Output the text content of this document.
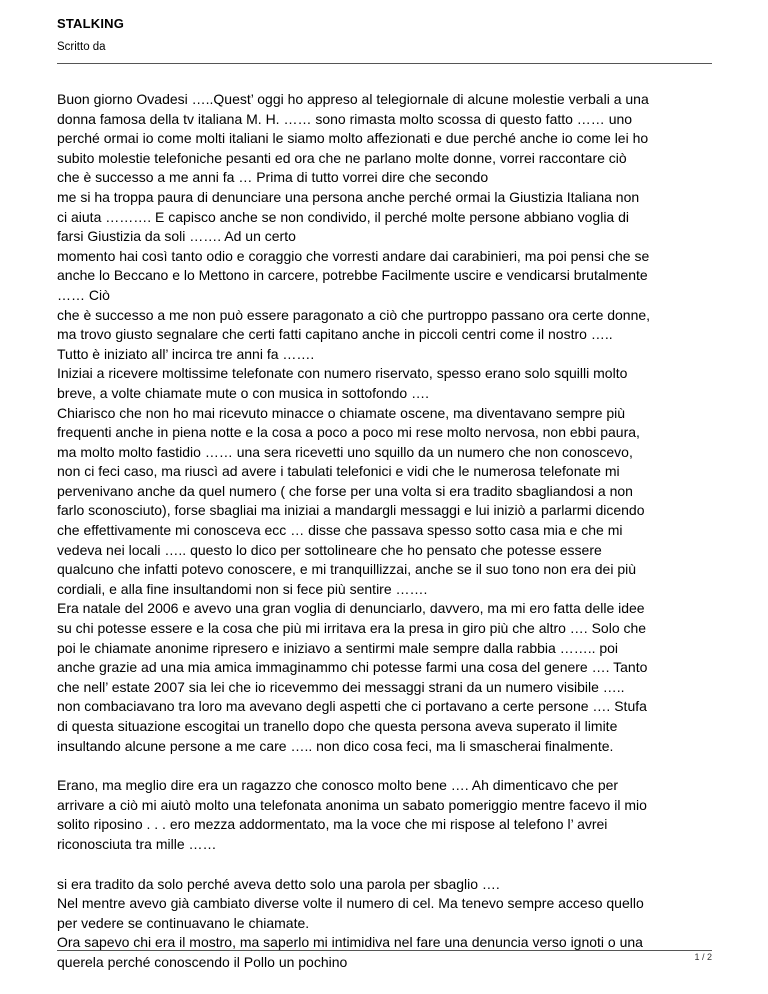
STALKING
Scritto da
Buon giorno Ovadesi …..Quest’ oggi ho appreso al telegiornale di alcune molestie verbali a una
donna famosa della tv italiana M. H. …… sono rimasta molto scossa di questo fatto …… uno
perché ormai io come molti italiani le siamo molto affezionati e due perché anche io come lei ho
subito molestie telefoniche pesanti ed ora che ne parlano molte donne, vorrei raccontare ciò
che è successo a me anni fa … Prima di tutto vorrei dire che secondo
me si ha troppa paura di denunciare una persona anche perché ormai la Giustizia Italiana non
ci aiuta ………. E capisco anche se non condivido, il perché molte persone abbiano voglia di
farsi Giustizia da soli ……. Ad un certo
momento hai così tanto odio e coraggio che vorresti andare dai carabinieri, ma poi pensi che se
anche lo Beccano e lo Mettono in carcere, potrebbe Facilmente uscire e vendicarsi brutalmente
…… Ciò
che è successo a me non può essere paragonato a ciò che purtroppo passano ora certe donne,
ma trovo giusto segnalare che certi fatti capitano anche in piccoli centri come il nostro …..
Tutto è iniziato all’ incirca tre anni fa …….
Iniziai a ricevere moltissime telefonate con numero riservato, spesso erano solo squilli molto
breve, a volte chiamate mute o con musica in sottofondo ….
Chiarisco che non ho mai ricevuto minacce o chiamate oscene, ma diventavano sempre più
frequenti anche in piena notte e la cosa a poco a poco mi rese molto nervosa, non ebbi paura,
ma molto molto fastidio …… una sera ricevetti uno squillo da un numero che non conoscevo,
non ci feci caso, ma riuscì ad avere i tabulati telefonici e vidi che le numerosa telefonate mi
pervenivano anche da quel numero ( che forse per una volta si era tradito sbagliandosi a non
farlo sconosciuto), forse sbagliai ma iniziai a mandargli messaggi e lui iniziò a parlarmi dicendo
che effettivamente mi conosceva ecc … disse che passava spesso sotto casa mia e che mi
vedeva nei locali ….. questo lo dico per sottolineare che ho pensato che potesse essere
qualcuno che infatti potevo conoscere, e mi tranquillizzai, anche se il suo tono non era dei più
cordiali, e alla fine insultandomi non si fece più sentire …….
Era natale del 2006 e avevo una gran voglia di denunciarlo, davvero, ma mi ero fatta delle idee
su chi potesse essere e la cosa che più mi irritava era la presa in giro più che altro …. Solo che
poi le chiamate anonime ripresero e iniziavo a sentirmi male sempre dalla rabbia …….. poi
anche grazie ad una mia amica immaginammo chi potesse farmi una cosa del genere …. Tanto
che nell’ estate 2007 sia lei che io ricevemmo dei messaggi strani da un numero visibile …..
non combaciavano tra loro ma avevano degli aspetti che ci portavano a certe persone …. Stufa
di questa situazione escogitai un tranello dopo che questa persona aveva superato il limite
insultando alcune persone a me care ….. non dico cosa feci, ma li smascherai finalmente.
Erano, ma meglio dire era un ragazzo che conosco molto bene …. Ah dimenticavo che per
arrivare a ciò mi aiutò molto una telefonata anonima un sabato pomeriggio mentre facevo il mio
solito riposino . . . ero mezza addormentato, ma la voce che mi rispose al telefono l’ avrei
riconosciuta tra mille ……
si era tradito da solo perché aveva detto solo una parola per sbaglio ….
Nel mentre avevo già cambiato diverse volte il numero di cel. Ma tenevo sempre acceso quello
per vedere se continuavano le chiamate.
Ora sapevo chi era il mostro, ma saperlo mi intimidiva nel fare una denuncia verso ignoti o una
querela perché conoscendo il Pollo un pochino	1 / 2
